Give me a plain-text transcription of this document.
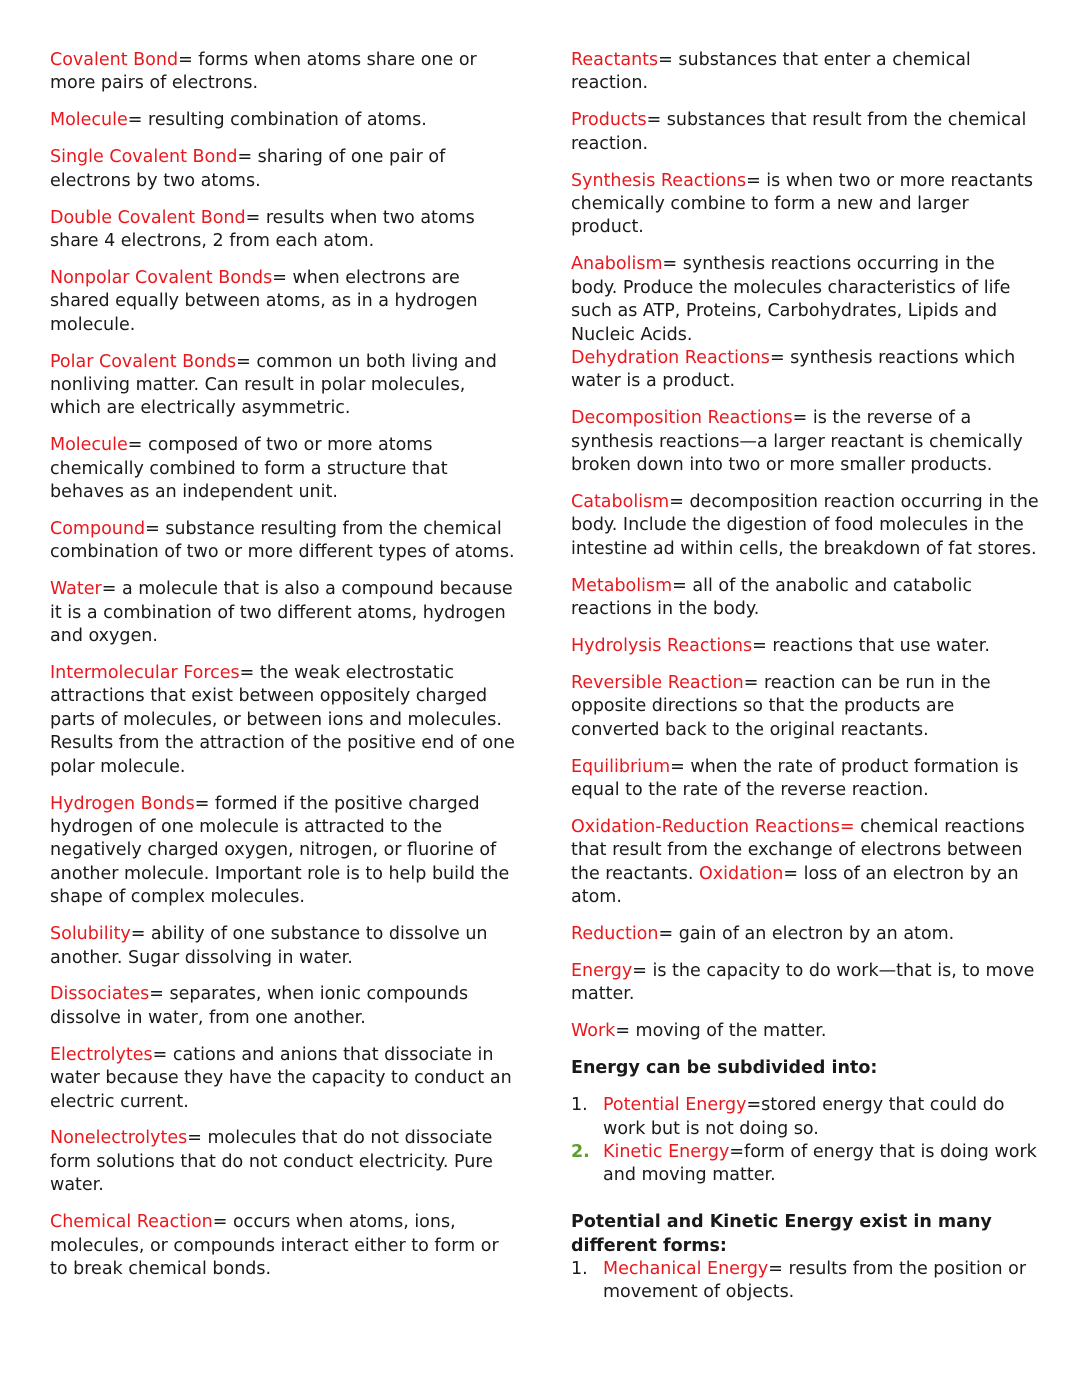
Covalent Bond= forms when atoms share one or more pairs of electrons.

Molecule= resulting combination of atoms.

Single Covalent Bond= sharing of one pair of electrons by two atoms.

Double Covalent Bond= results when two atoms share 4 electrons, 2 from each atom.

Nonpolar Covalent Bonds= when electrons are shared equally between atoms, as in a hydrogen molecule.

Polar Covalent Bonds= common un both living and nonliving matter. Can result in polar molecules, which are electrically asymmetric.

Molecule= composed of two or more atoms chemically combined to form a structure that behaves as an independent unit.

Compound= substance resulting from the chemical combination of two or more different types of atoms.

Water= a molecule that is also a compound because it is a combination of two different atoms, hydrogen and oxygen.

Intermolecular Forces= the weak electrostatic attractions that exist between oppositely charged parts of molecules, or between ions and molecules. Results from the attraction of the positive end of one polar molecule.

Hydrogen Bonds= formed if the positive charged hydrogen of one molecule is attracted to the negatively charged oxygen, nitrogen, or fluorine of another molecule. Important role is to help build the shape of complex molecules.

Solubility= ability of one substance to dissolve un another. Sugar dissolving in water.

Dissociates= separates, when ionic compounds dissolve in water, from one another.

Electrolytes= cations and anions that dissociate in water because they have the capacity to conduct an electric current.

Nonelectrolytes= molecules that do not dissociate form solutions that do not conduct electricity. Pure water.

Chemical Reaction= occurs when atoms, ions, molecules, or compounds interact either to form or to break chemical bonds.

Reactants= substances that enter a chemical reaction.

Products= substances that result from the chemical reaction.

Synthesis Reactions= is when two or more reactants chemically combine to form a new and larger product.

Anabolism= synthesis reactions occurring in the body. Produce the molecules characteristics of life such as ATP, Proteins, Carbohydrates, Lipids and Nucleic Acids.

Dehydration Reactions= synthesis reactions which water is a product.

Decomposition Reactions= is the reverse of a synthesis reactions—a larger reactant is chemically broken down into two or more smaller products.

Catabolism= decomposition reaction occurring in the body. Include the digestion of food molecules in the intestine ad within cells, the breakdown of fat stores.

Metabolism= all of the anabolic and catabolic reactions in the body.

Hydrolysis Reactions= reactions that use water.

Reversible Reaction= reaction can be run in the opposite directions so that the products are converted back to the original reactants.

Equilibrium= when the rate of product formation is equal to the rate of the reverse reaction.

Oxidation-Reduction Reactions= chemical reactions that result from the exchange of electrons between the reactants. Oxidation= loss of an electron by an atom.

Reduction= gain of an electron by an atom.

Energy= is the capacity to do work—that is, to move matter.

Work= moving of the matter.

Energy can be subdivided into:

1. Potential Energy=stored energy that could do work but is not doing so.
2. Kinetic Energy=form of energy that is doing work and moving matter.

Potential and Kinetic Energy exist in many different forms:

1. Mechanical Energy= results from the position or movement of objects.
